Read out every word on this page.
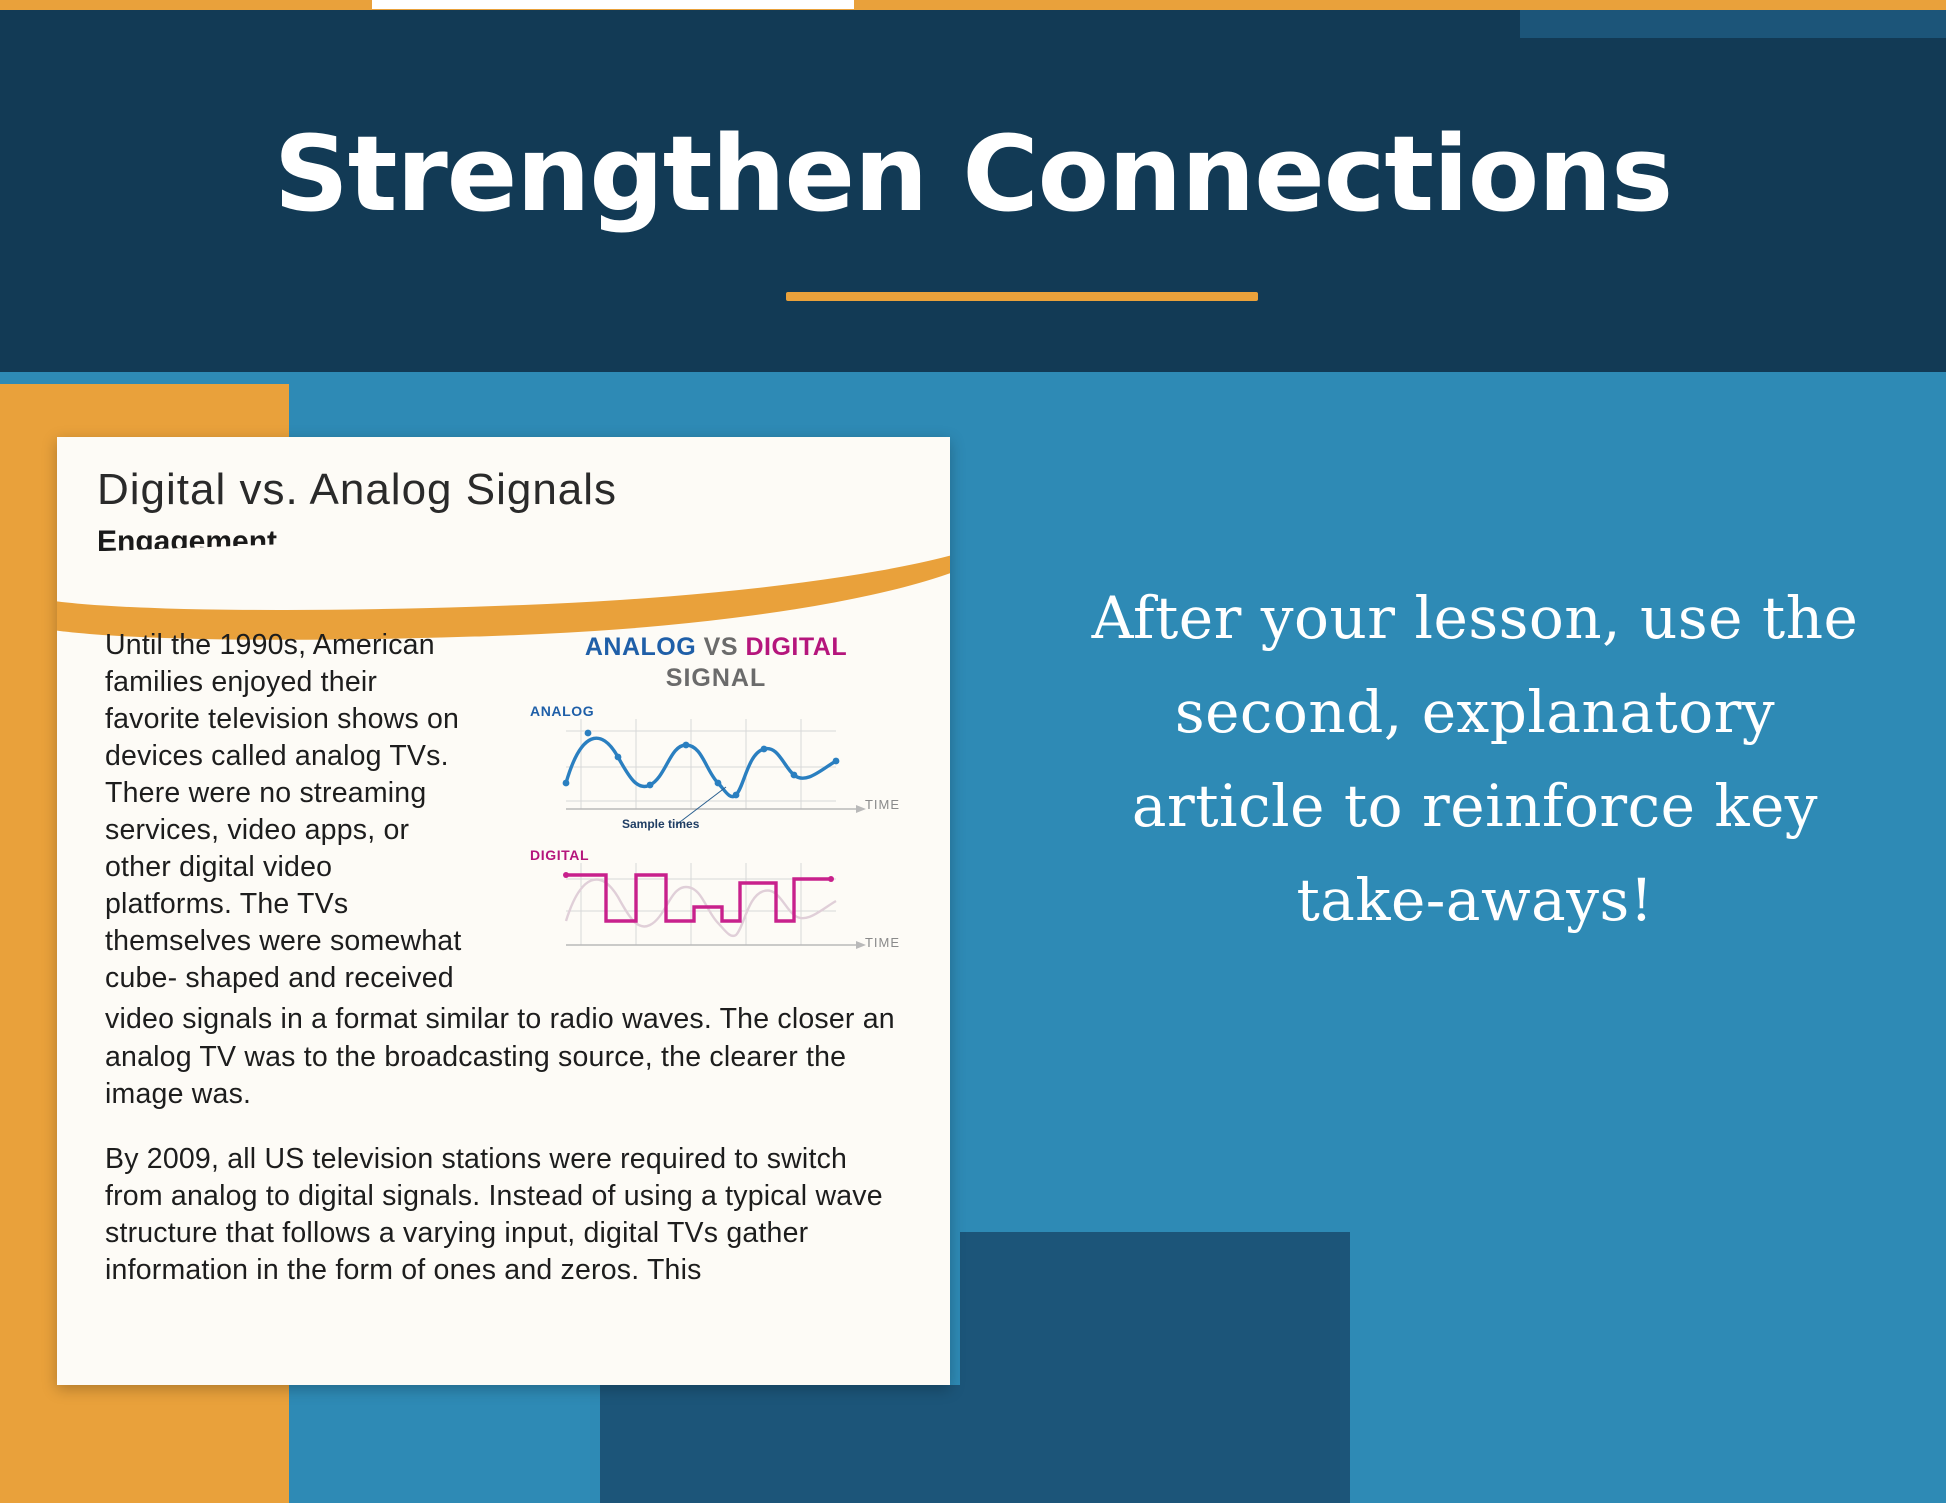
Strengthen Connections
Digital vs. Analog Signals
Engagement
Until the 1990s, American families enjoyed their favorite television shows on devices called analog TVs. There were no streaming services, video apps, or other digital video platforms. The TVs themselves were somewhat cube- shaped and received
ANALOG VS DIGITAL
SIGNAL
ANALOG
TIME
Sample times
DIGITAL
TIME
video signals in a format similar to radio waves. The closer an analog TV was to the broadcasting source, the clearer the image was.
By 2009, all US television stations were required to switch from analog to digital signals. Instead of using a typical wave structure that follows a varying input, digital TVs gather information in the form of ones and zeros. This
After your lesson, use the second, explanatory article to reinforce key take-aways!
